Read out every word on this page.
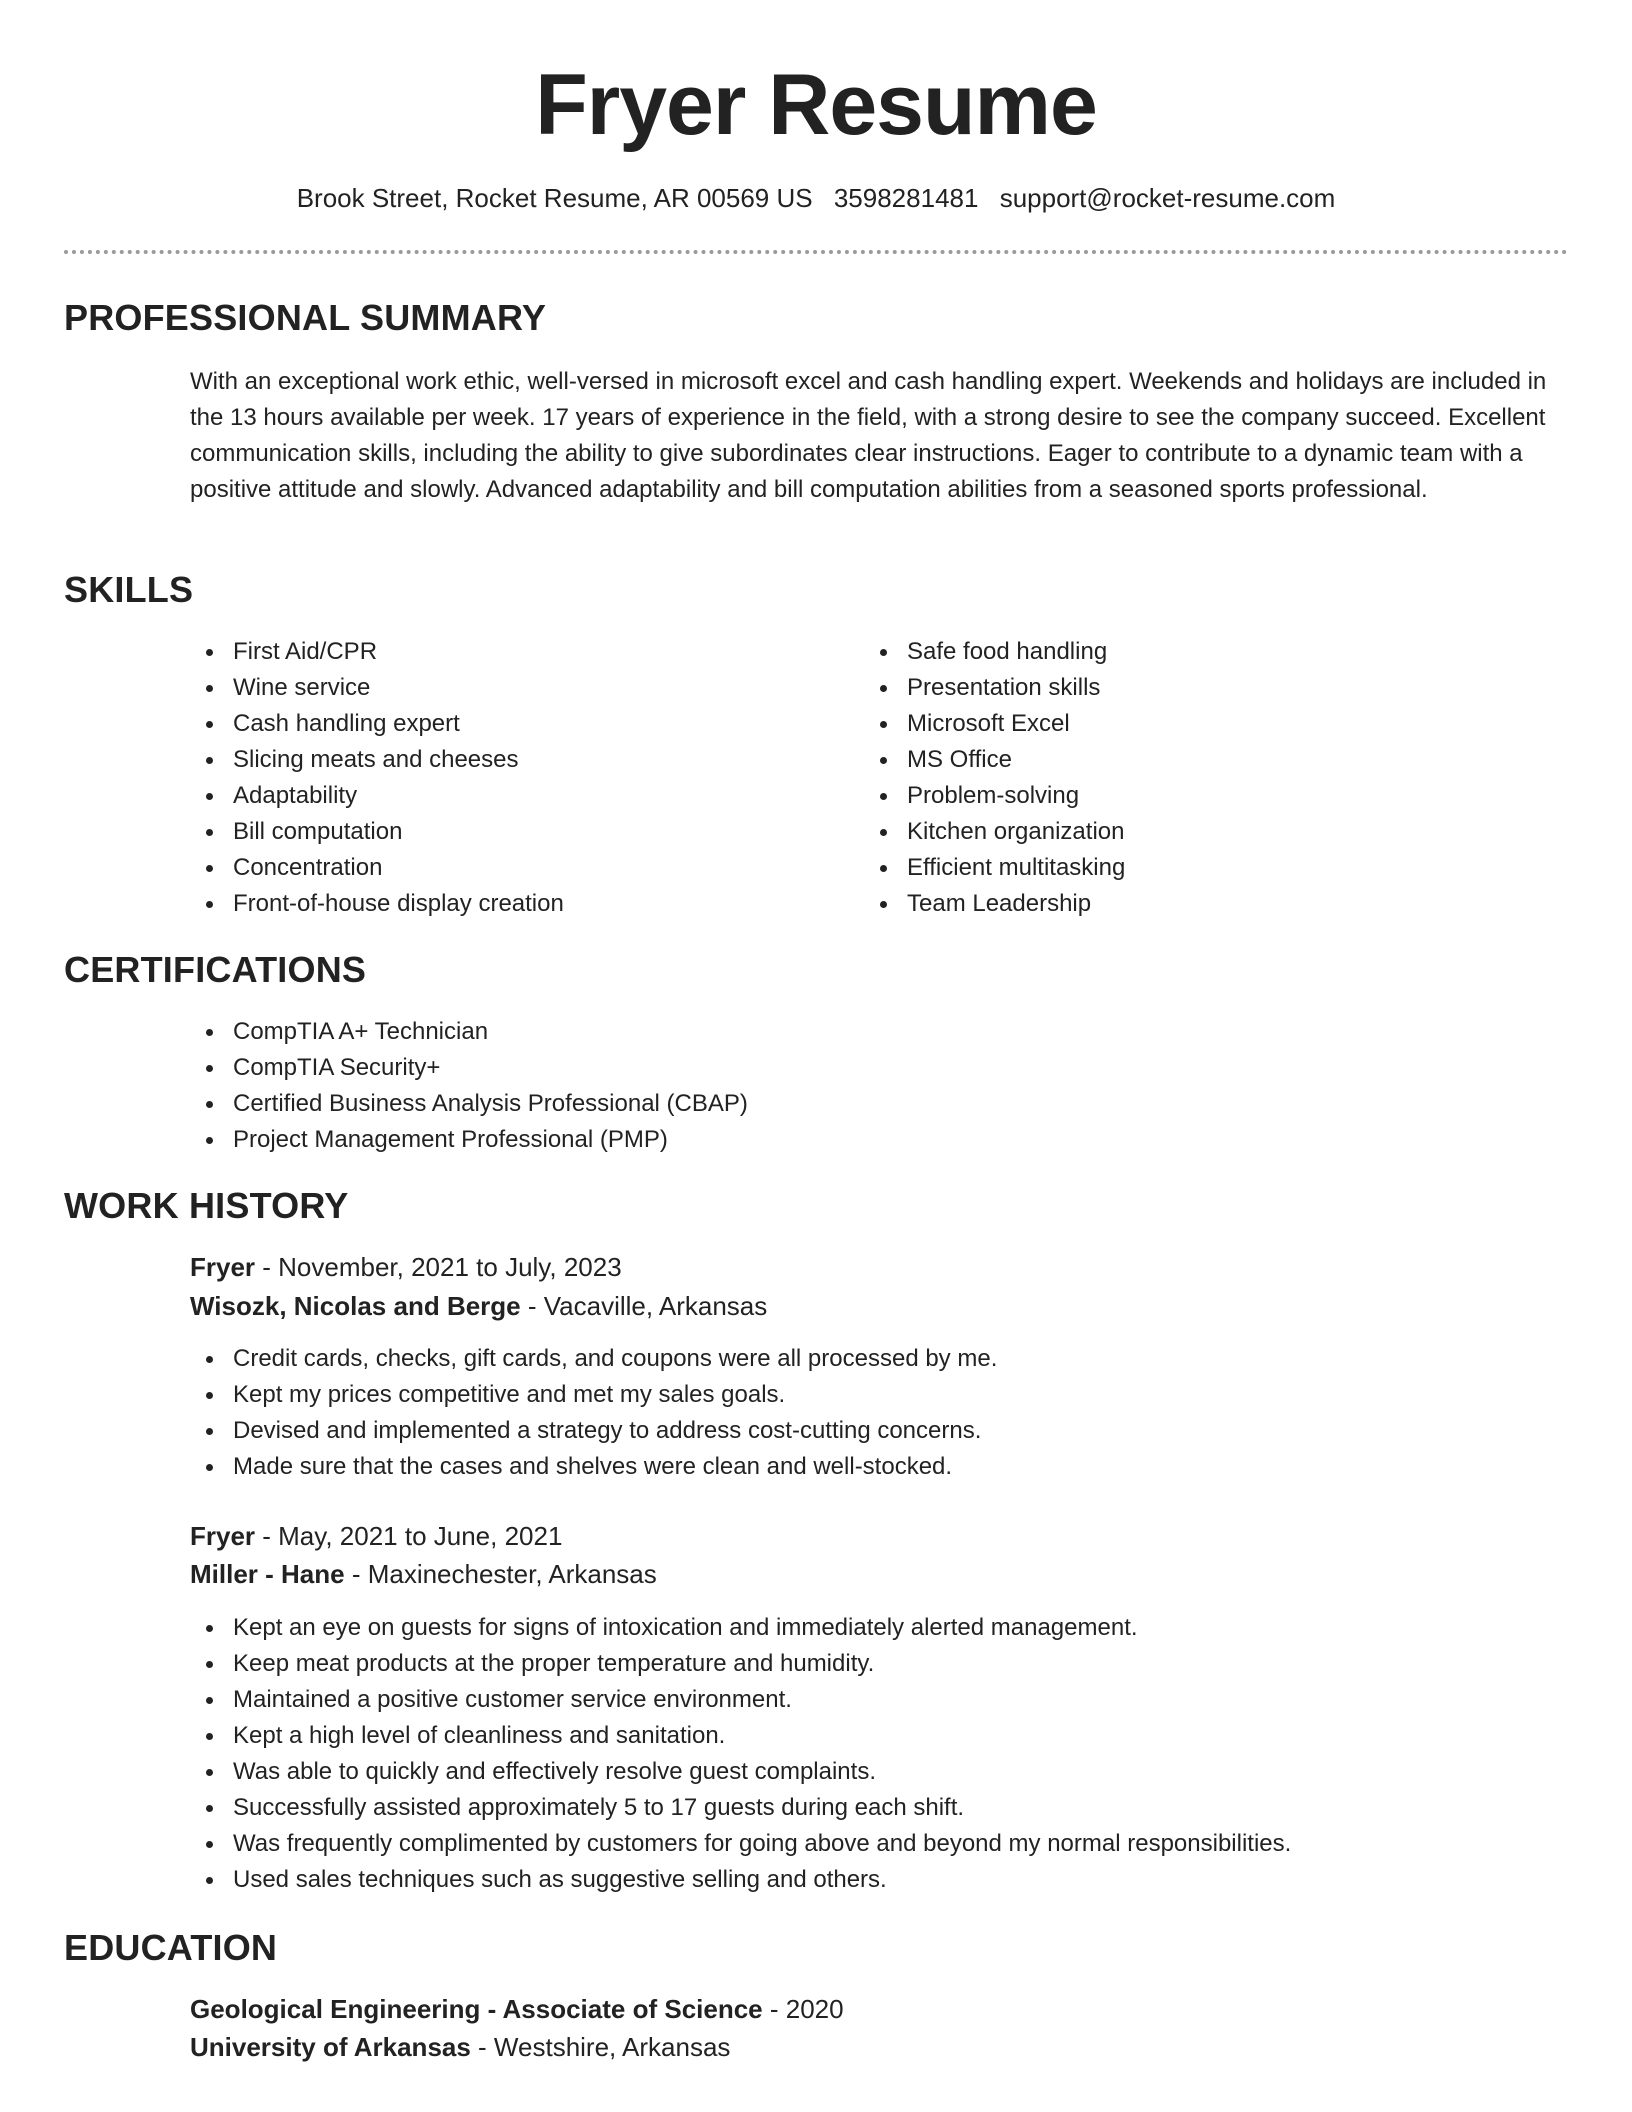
Fryer Resume
Brook Street, Rocket Resume, AR 00569 US 3598281481 support@rocket-resume.com
PROFESSIONAL SUMMARY

With an exceptional work ethic, well-versed in microsoft excel and cash handling expert. Weekends and holidays are included in the 13 hours available per week. 17 years of experience in the field, with a strong desire to see the company succeed. Excellent communication skills, including the ability to give subordinates clear instructions. Eager to contribute to a dynamic team with a positive attitude and slowly. Advanced adaptability and bill computation abilities from a seasoned sports professional.

SKILLS
First Aid/CPR
Wine service
Cash handling expert
Slicing meats and cheeses
Adaptability
Bill computation
Concentration
Front-of-house display creation
Safe food handling
Presentation skills
Microsoft Excel
MS Office
Problem-solving
Kitchen organization
Efficient multitasking
Team Leadership
CERTIFICATIONS
CompTIA A+ Technician
CompTIA Security+
Certified Business Analysis Professional (CBAP)
Project Management Professional (PMP)
WORK HISTORY
Fryer - November, 2021 to July, 2023
Wisozk, Nicolas and Berge - Vacaville, Arkansas
Credit cards, checks, gift cards, and coupons were all processed by me.
Kept my prices competitive and met my sales goals.
Devised and implemented a strategy to address cost-cutting concerns.
Made sure that the cases and shelves were clean and well-stocked.
Fryer - May, 2021 to June, 2021
Miller - Hane - Maxinechester, Arkansas
Kept an eye on guests for signs of intoxication and immediately alerted management.
Keep meat products at the proper temperature and humidity.
Maintained a positive customer service environment.
Kept a high level of cleanliness and sanitation.
Was able to quickly and effectively resolve guest complaints.
Successfully assisted approximately 5 to 17 guests during each shift.
Was frequently complimented by customers for going above and beyond my normal responsibilities.
Used sales techniques such as suggestive selling and others.
EDUCATION
Geological Engineering - Associate of Science - 2020
University of Arkansas - Westshire, Arkansas
